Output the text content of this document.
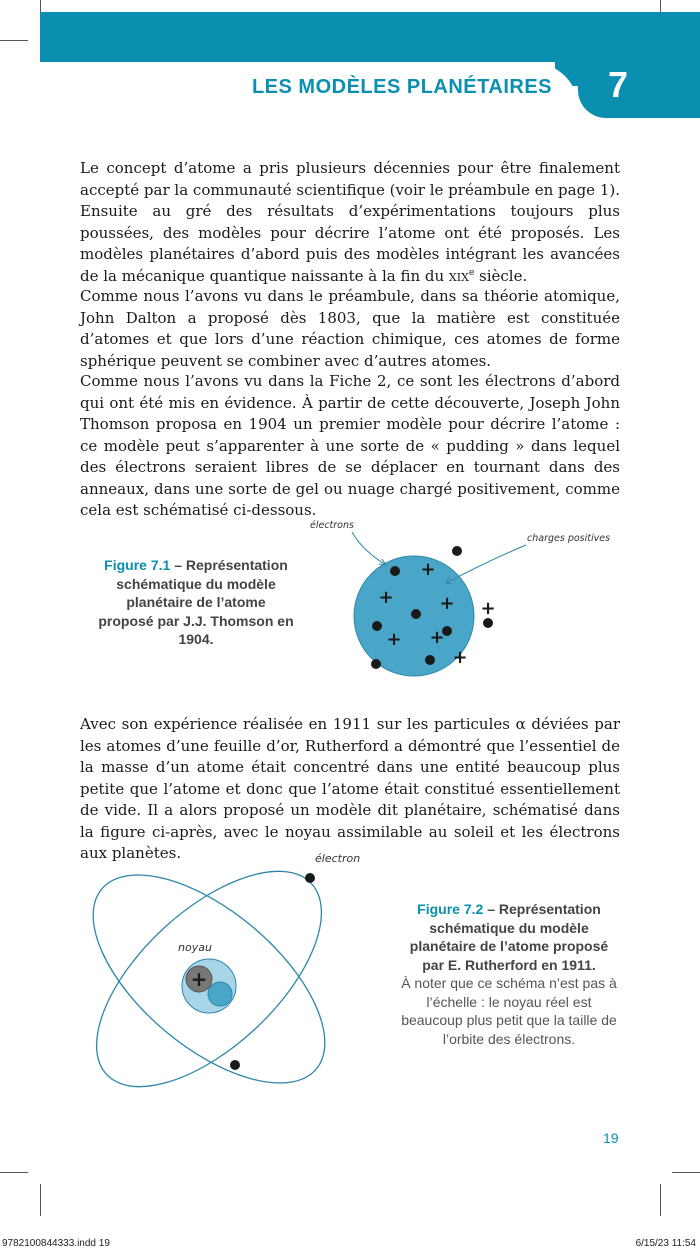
LES MODÈLES PLANÉTAIRES	7

Le concept d’atome a pris plusieurs décennies pour être finalement accepté par la communauté scientifique (voir le préambule en page 1). Ensuite au gré des résultats d’expérimentations toujours plus poussées, des modèles pour décrire l’atome ont été proposés. Les modèles planétaires d’abord puis des modèles intégrant les avancées de la mécanique quantique naissante à la fin du xix$^e$ siècle.

Comme nous l’avons vu dans le préambule, dans sa théorie atomique, John Dalton a proposé dès 1803, que la matière est constituée d’atomes et que lors d’une réaction chimique, ces atomes de forme sphérique peuvent se combiner avec d’autres atomes.

Comme nous l’avons vu dans la Fiche 2, ce sont les électrons d’abord qui ont été mis en évidence. À partir de cette découverte, Joseph John Thomson proposa en 1904 un premier modèle pour décrire l’atome : ce modèle peut s’apparenter à une sorte de « pudding » dans lequel des électrons seraient libres de se déplacer en tournant dans des anneaux, dans une sorte de gel ou nuage chargé positivement, comme cela est schématisé ci-dessous.

Figure 7.1 – Représentation schématique du modèle planétaire de l’atome proposé par J.J. Thomson en 1904.
+
+	+ +
+ +
+
électrons
charges positives

Avec son expérience réalisée en 1911 sur les particules α déviées par les atomes d’une feuille d’or, Rutherford a démontré que l’essentiel de la masse d’un atome était concentré dans une entité beaucoup plus petite que l’atome et donc que l’atome était constitué essentiellement de vide. Il a alors proposé un modèle dit planétaire, schématisé dans la figure ci-après, avec le noyau assimilable au soleil et les électrons aux planètes.

+
électron
noyau
Figure 7.2 – Représentation schématique du modèle planétaire de l’atome proposé par E. Rutherford en 1911.
À noter que ce schéma n’est pas à l’échelle : le noyau réel est beaucoup plus petit que la taille de l’orbite des électrons.
19
9782100844333.indd 19	6/15/23 11:54
